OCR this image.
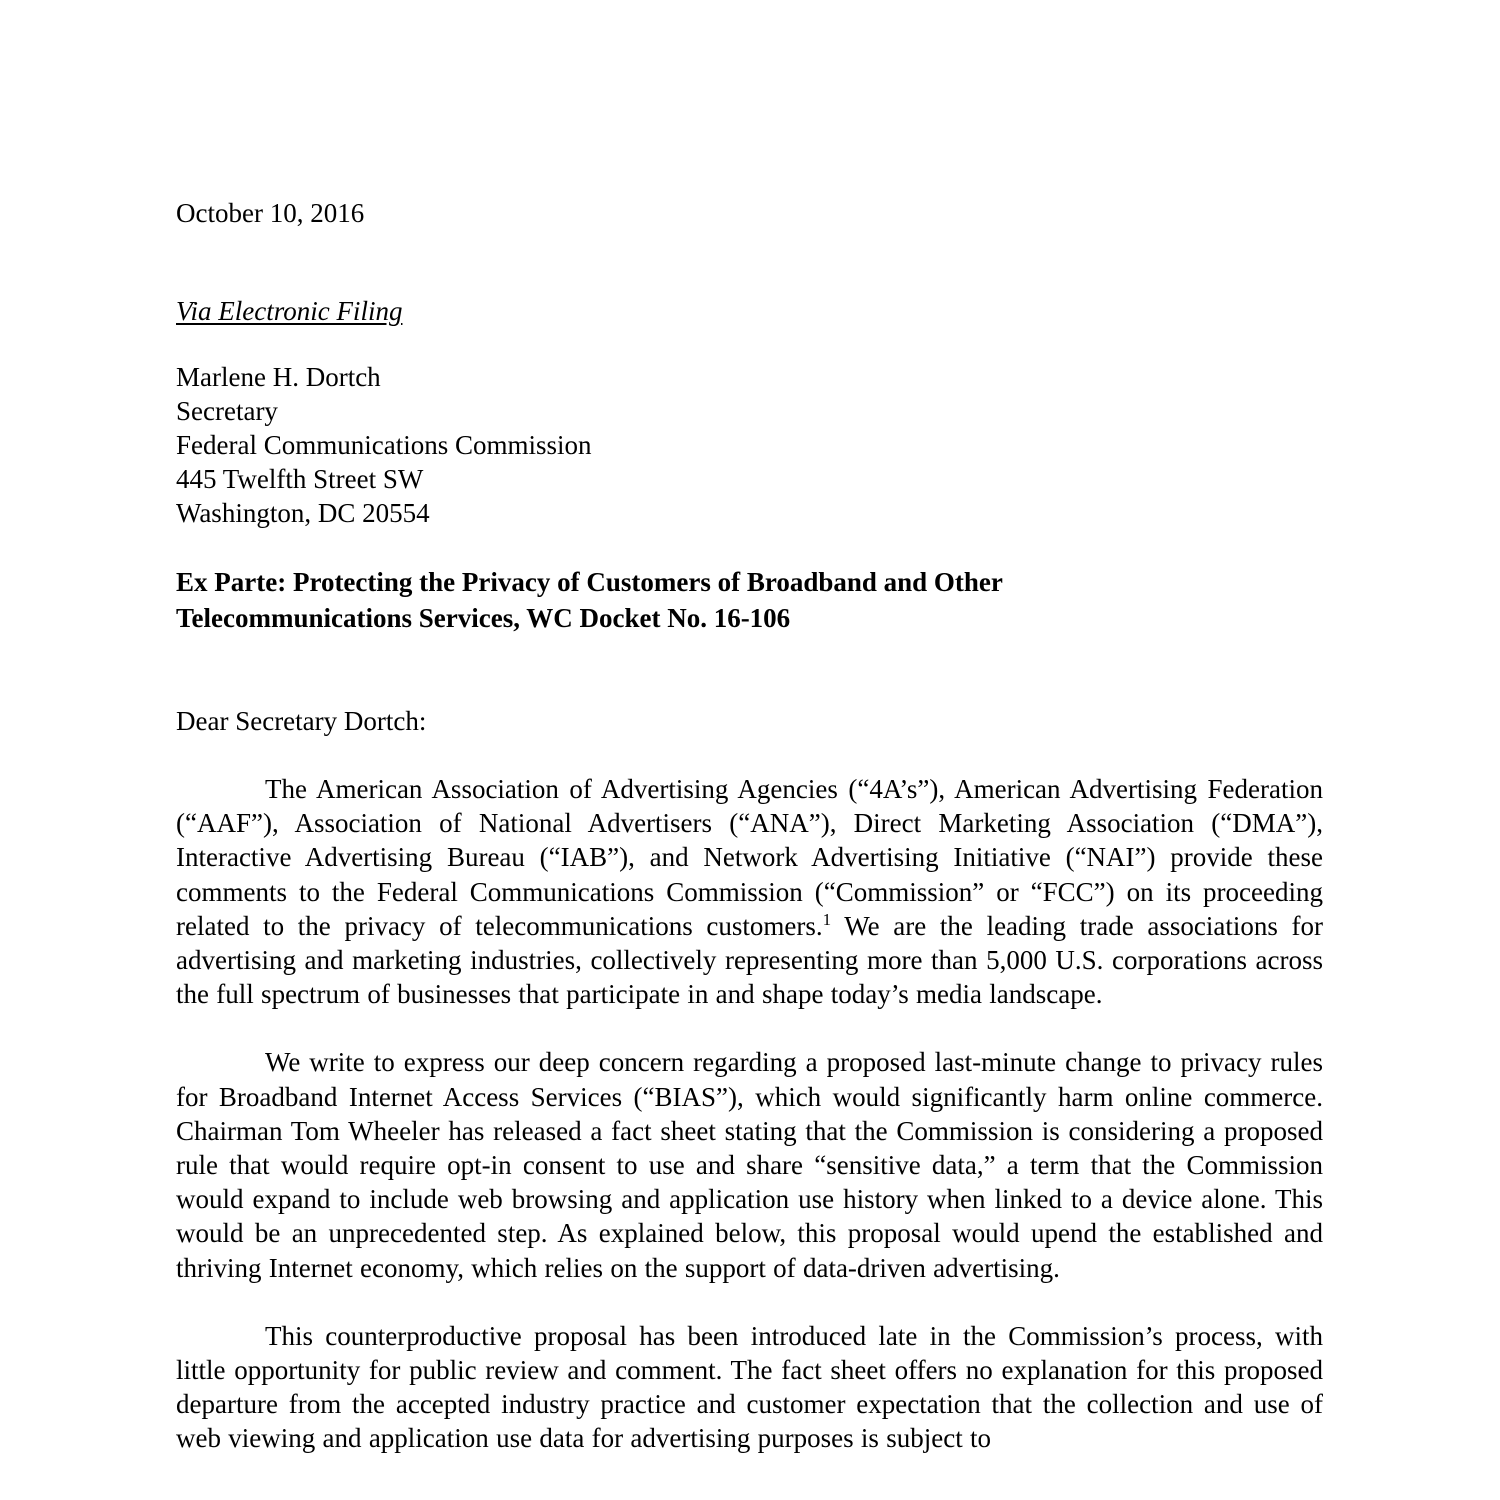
October 10, 2016
Via Electronic Filing
Marlene H. Dortch
Secretary
Federal Communications Commission
445 Twelfth Street SW
Washington, DC 20554
Ex Parte: Protecting the Privacy of Customers of Broadband and Other
Telecommunications Services, WC Docket No. 16-106
Dear Secretary Dortch:

The American Association of Advertising Agencies (“4A’s”), American Advertising Federation (“AAF”), Association of National Advertisers (“ANA”), Direct Marketing Association (“DMA”), Interactive Advertising Bureau (“IAB”), and Network Advertising Initiative (“NAI”) provide these comments to the Federal Communications Commission (“Commission” or “FCC”) on its proceeding related to the privacy of telecommunications customers.$^1$ We are the leading trade associations for advertising and marketing industries, collectively representing more than 5,000 U.S. corporations across the full spectrum of businesses that participate in and shape today’s media landscape.

We write to express our deep concern regarding a proposed last-minute change to privacy rules for Broadband Internet Access Services (“BIAS”), which would significantly harm online commerce. Chairman Tom Wheeler has released a fact sheet stating that the Commission is considering a proposed rule that would require opt-in consent to use and share “sensitive data,” a term that the Commission would expand to include web browsing and application use history when linked to a device alone. This would be an unprecedented step. As explained below, this proposal would upend the established and thriving Internet economy, which relies on the support of data-driven advertising.

This counterproductive proposal has been introduced late in the Commission’s process, with little opportunity for public review and comment. The fact sheet offers no explanation for this proposed departure from the accepted industry practice and customer expectation that the collection and use of web viewing and application use data for advertising purposes is subject to
